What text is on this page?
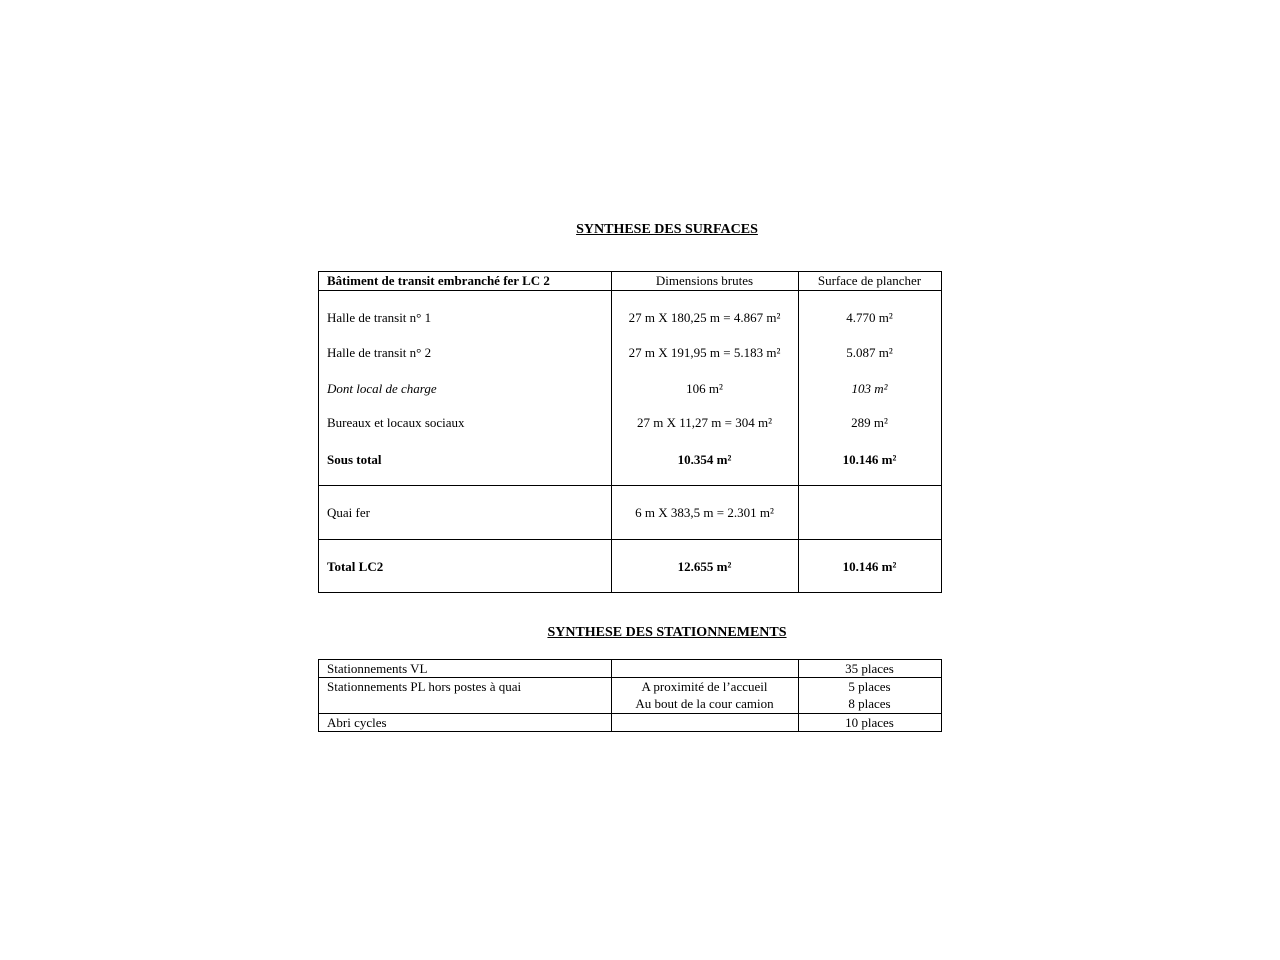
SYNTHESE DES SURFACES
Bâtiment de transit embranché fer LC 2
Halle de transit n° 1
Halle de transit n° 2
Dont local de charge
Bureaux et locaux sociaux
Sous total
Quai fer
Total LC2
Dimensions brutes
27 m X 180,25 m = 4.867 m²
27 m X 191,95 m = 5.183 m²
106 m²
27 m X 11,27 m = 304 m²
10.354 m²
6 m X 383,5 m = 2.301 m²
12.655 m²
Surface de plancher
4.770 m²
5.087 m²
103 m²
289 m²
10.146 m²
10.146 m²
SYNTHESE DES STATIONNEMENTS
Stationnements VL
Stationnements PL hors postes à quai
Abri cycles
A proximité de l’accueil
Au bout de la cour camion
35 places
5 places
8 places
10 places
